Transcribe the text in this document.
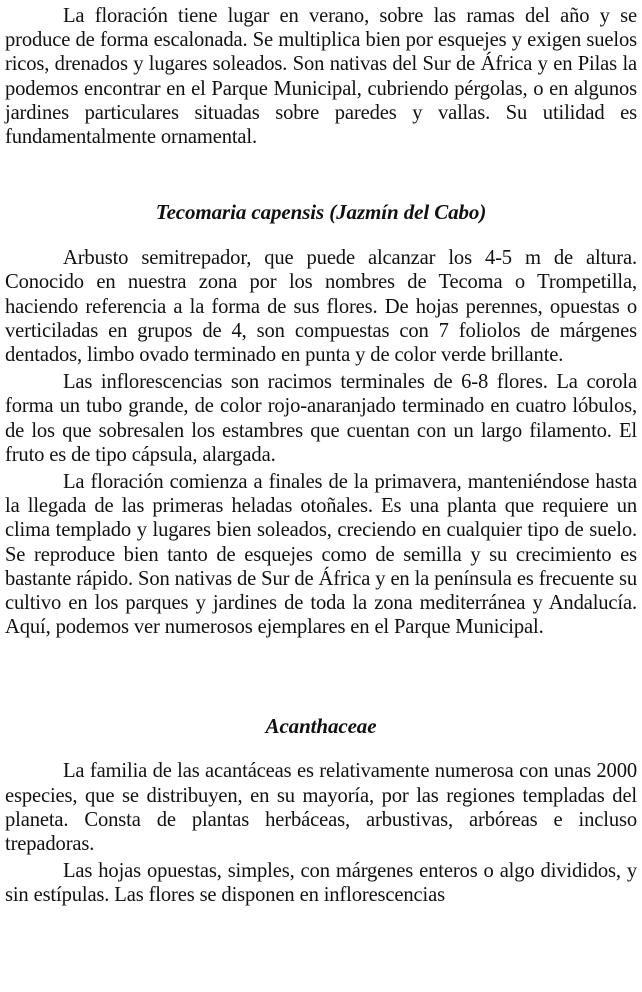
La floración tiene lugar en verano, sobre las ramas del año y se produce de forma escalonada. Se multiplica bien por esquejes y exigen suelos ricos, drenados y lugares soleados. Son nativas del Sur de África y en Pilas la podemos encontrar en el Parque Municipal, cubriendo pérgolas, o en algunos jardines particulares situadas sobre paredes y vallas. Su utilidad es fundamentalmente ornamental.

Tecomaria capensis (Jazmín del Cabo)

Arbusto semitrepador, que puede alcanzar los 4-5 m de altura. Conocido en nuestra zona por los nombres de Tecoma o Trompetilla, haciendo referencia a la forma de sus flores. De hojas perennes, opuestas o verticiladas en grupos de 4, son compuestas con 7 foliolos de márgenes dentados, limbo ovado terminado en punta y de color verde brillante.

Las inflorescencias son racimos terminales de 6-8 flores. La corola forma un tubo grande, de color rojo-anaranjado terminado en cuatro lóbulos, de los que sobresalen los estambres que cuentan con un largo filamento. El fruto es de tipo cápsula, alargada.

La floración comienza a finales de la primavera, manteniéndose hasta la llegada de las primeras heladas otoñales. Es una planta que requiere un clima templado y lugares bien soleados, creciendo en cualquier tipo de suelo. Se reproduce bien tanto de esquejes como de semilla y su crecimiento es bastante rápido. Son nativas de Sur de África y en la península es frecuente su cultivo en los parques y jardines de toda la zona mediterránea y Andalucía. Aquí, podemos ver numerosos ejemplares en el Parque Municipal.

Acanthaceae

La familia de las acantáceas es relativamente numerosa con unas 2000 especies, que se distribuyen, en su mayoría, por las regiones templadas del planeta. Consta de plantas herbáceas, arbustivas, arbóreas e incluso trepadoras.

Las hojas opuestas, simples, con márgenes enteros o algo divididos, y sin estípulas. Las flores se disponen en inflorescencias
